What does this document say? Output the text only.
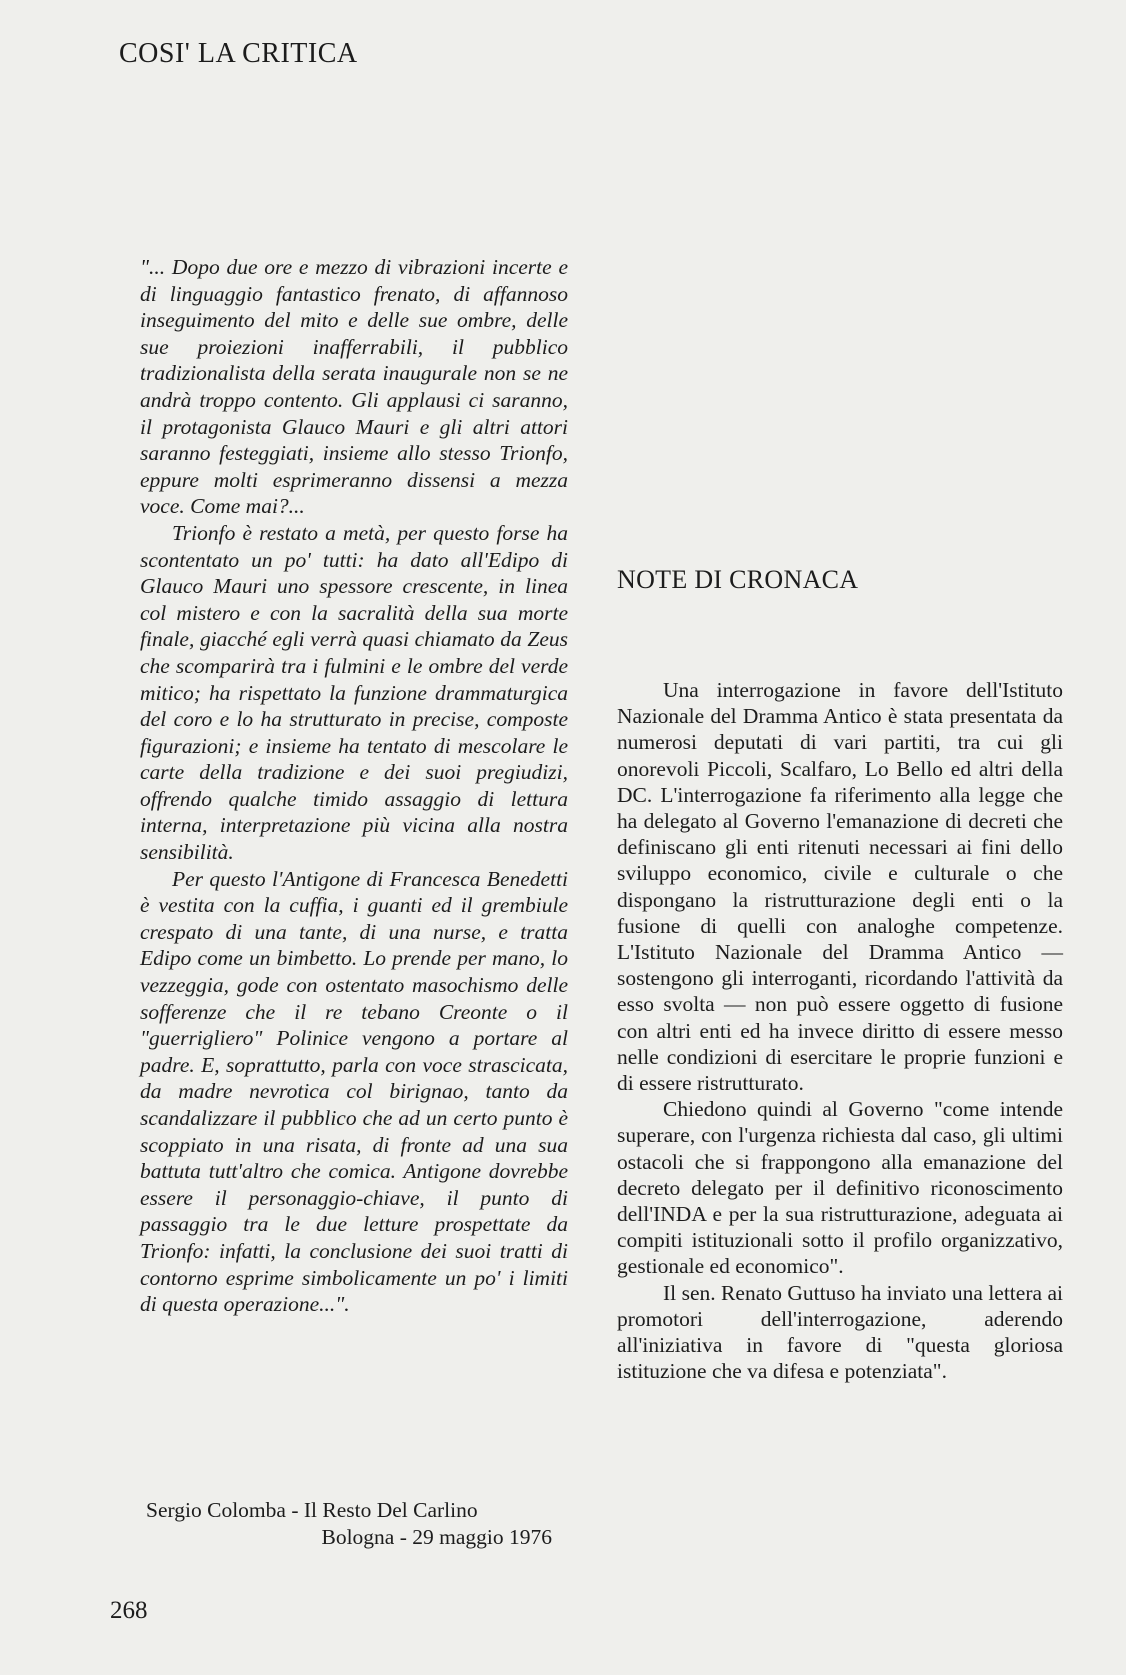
COSI' LA CRITICA

"... Dopo due ore e mezzo di vibrazioni incerte e di linguaggio fantastico frenato, di affannoso inseguimento del mito e delle sue ombre, delle sue proiezioni inafferrabili, il pubblico tradizionalista della serata inaugurale non se ne andrà troppo contento. Gli applausi ci saranno, il protagonista Glauco Mauri e gli altri attori saranno festeggiati, insieme allo stesso Trionfo, eppure molti esprimeranno dissensi a mezza voce. Come mai?...

Trionfo è restato a metà, per questo forse ha scontentato un po' tutti: ha dato all'Edipo di Glauco Mauri uno spessore crescente, in linea col mistero e con la sacralità della sua morte finale, giacché egli verrà quasi chiamato da Zeus che scomparirà tra i fulmini e le ombre del verde mitico; ha rispettato la funzione drammaturgica del coro e lo ha strutturato in precise, composte figurazioni; e insieme ha tentato di mescolare le carte della tradizione e dei suoi pregiudizi, offrendo qualche timido assaggio di lettura interna, interpretazione più vicina alla nostra sensibilità.

Per questo l'Antigone di Francesca Benedetti è vestita con la cuffia, i guanti ed il grembiule crespato di una tante, di una nurse, e tratta Edipo come un bimbetto. Lo prende per mano, lo vezzeggia, gode con ostentato masochismo delle sofferenze che il re tebano Creonte o il "guerrigliero" Polinice vengono a portare al padre. E, soprattutto, parla con voce strascicata, da madre nevrotica col birignao, tanto da scandalizzare il pubblico che ad un certo punto è scoppiato in una risata, di fronte ad una sua battuta tutt'altro che comica. Antigone dovrebbe essere il personaggio-chiave, il punto di passaggio tra le due letture prospettate da Trionfo: infatti, la conclusione dei suoi tratti di contorno esprime simbolicamente un po' i limiti di questa operazione...".

Sergio Colomba - Il Resto Del Carlino
Bologna - 29 maggio 1976
NOTE DI CRONACA

Una interrogazione in favore dell'Istituto Nazionale del Dramma Antico è stata presentata da numerosi deputati di vari partiti, tra cui gli onorevoli Piccoli, Scalfaro, Lo Bello ed altri della DC. L'interrogazione fa riferimento alla legge che ha delegato al Governo l'emanazione di decreti che definiscano gli enti ritenuti necessari ai fini dello sviluppo economico, civile e culturale o che dispongano la ristrutturazione degli enti o la fusione di quelli con analoghe competenze. L'Istituto Nazionale del Dramma Antico — sostengono gli interroganti, ricordando l'attività da esso svolta — non può essere oggetto di fusione con altri enti ed ha invece diritto di essere messo nelle condizioni di esercitare le proprie funzioni e di essere ristrutturato.

Chiedono quindi al Governo "come intende superare, con l'urgenza richiesta dal caso, gli ultimi ostacoli che si frappongono alla emanazione del decreto delegato per il definitivo riconoscimento dell'INDA e per la sua ristrutturazione, adeguata ai compiti istituzionali sotto il profilo organizzativo, gestionale ed economico".

Il sen. Renato Guttuso ha inviato una lettera ai promotori dell'interrogazione, aderendo all'iniziativa in favore di "questa gloriosa istituzione che va difesa e potenziata".

268
